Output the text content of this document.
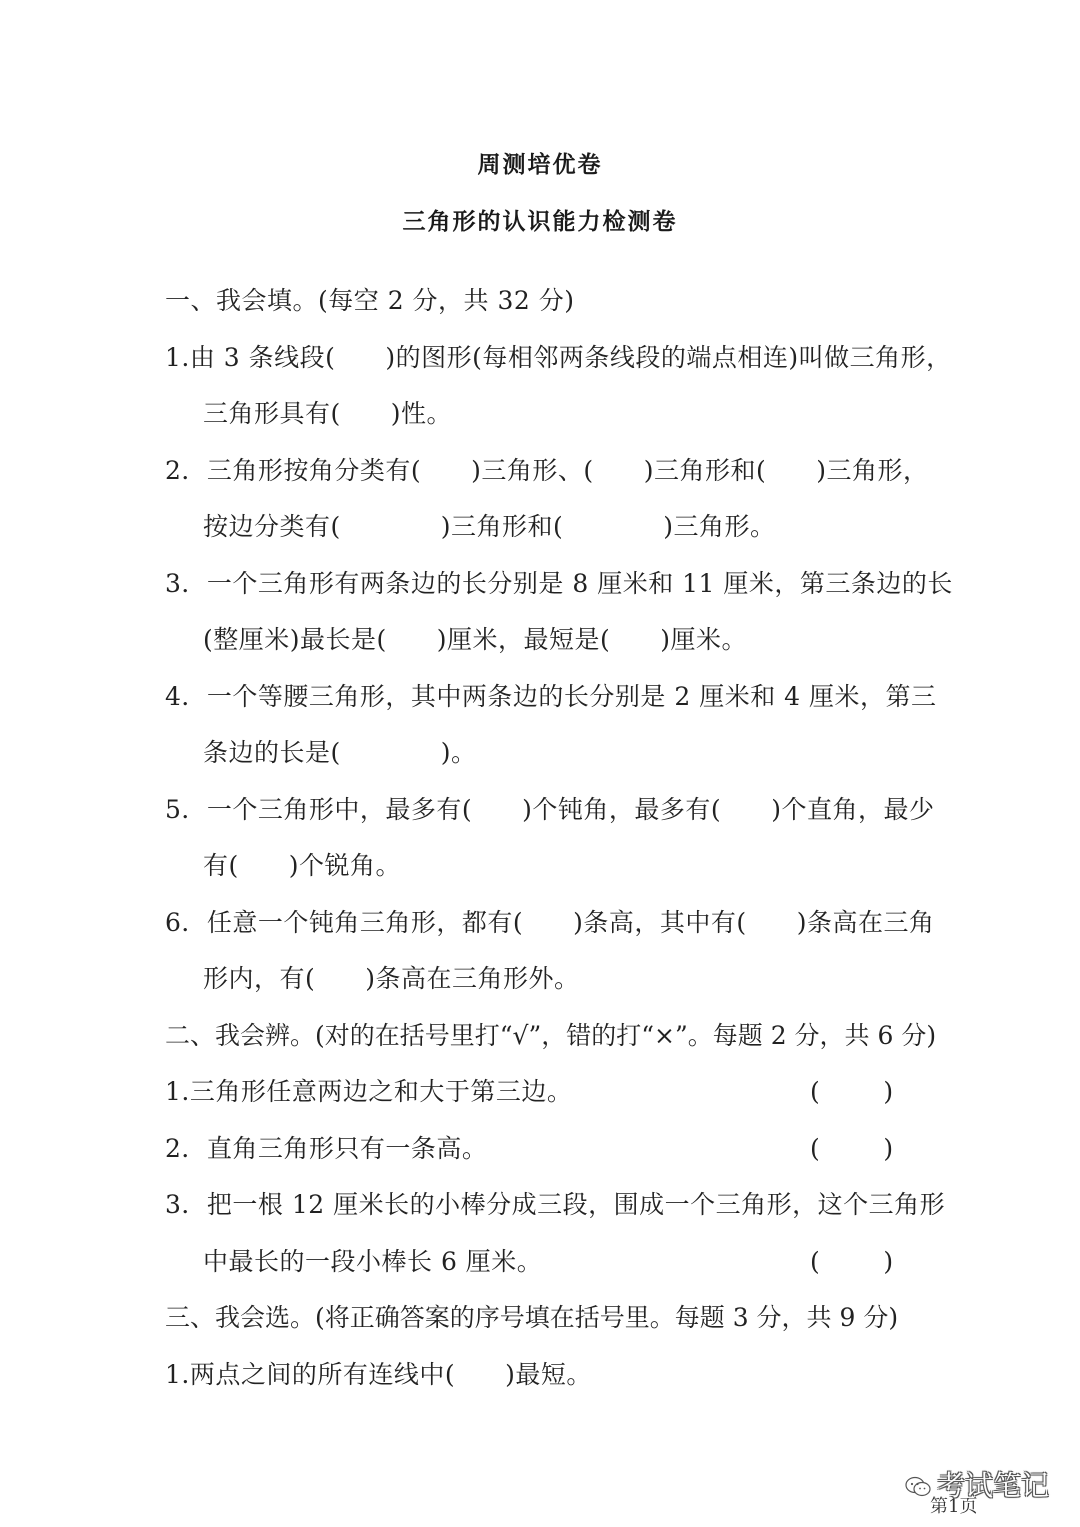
周测培优卷
三角形的认识能力检测卷
一、我会填。(每空 2 分，共 32 分)
1.由 3 条线段( )的图形(每相邻两条线段的端点相连)叫做三角形，
三角形具有( )性。
2．三角形按角分类有( )三角形、( )三角形和( )三角形，
按边分类有(	)三角形和(	)三角形。
3．一个三角形有两条边的长分别是 8 厘米和 11 厘米，第三条边的长
(整厘米)最长是( )厘米，最短是( )厘米。
4．一个等腰三角形，其中两条边的长分别是 2 厘米和 4 厘米，第三
条边的长是(	)。
5．一个三角形中，最多有( )个钝角，最多有( )个直角，最少
有( )个锐角。
6．任意一个钝角三角形，都有( )条高，其中有( )条高在三角
形内，有( )条高在三角形外。
二、我会辨。(对的在括号里打“√”，错的打“×”。每题 2 分，共 6 分)
1.三角形任意两边之和大于第三边。	(        )
2．直角三角形只有一条高。	(        )
3．把一根 12 厘米长的小棒分成三段，围成一个三角形，这个三角形
中最长的一段小棒长 6 厘米。	(        )
三、我会选。(将正确答案的序号填在括号里。每题 3 分，共 9 分)
1.两点之间的所有连线中( )最短。
第1页
考试笔记
